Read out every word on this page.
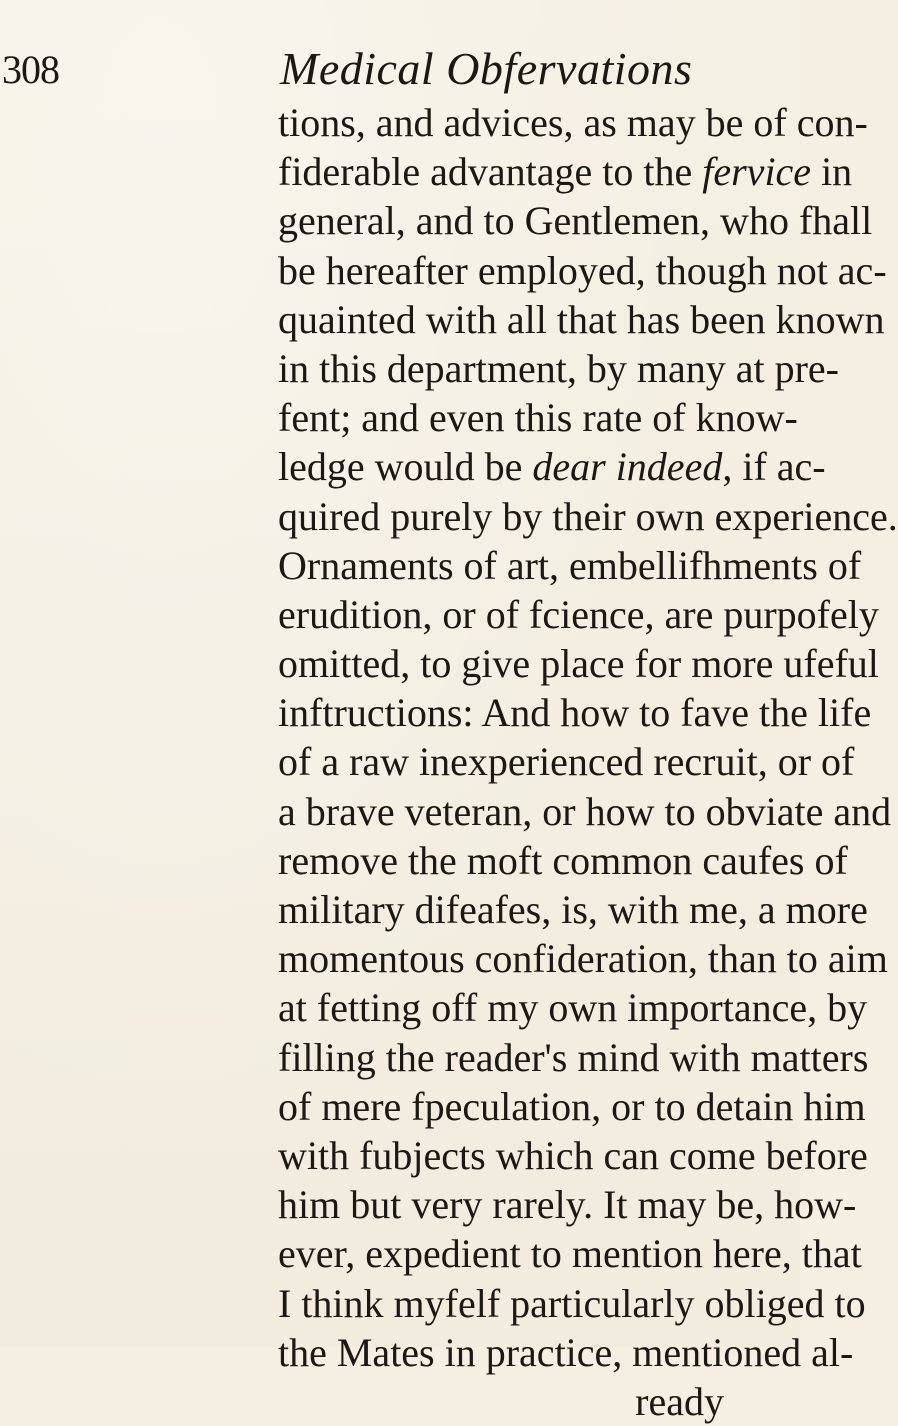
308	Medical Obfervations
tions, and advices, as may be of con-
fiderable advantage to the fervice in
general, and to Gentlemen, who fhall
be hereafter employed, though not ac-
quainted with all that has been known
in this department, by many at pre-
fent; and even this rate of know-
ledge would be dear indeed, if ac-
quired purely by their own experience.
Ornaments of art, embellifhments of
erudition, or of fcience, are purpofely
omitted, to give place for more ufeful
inftructions: And how to fave the life
of a raw inexperienced recruit, or of
a brave veteran, or how to obviate and
remove the moft common caufes of
military difeafes, is, with me, a more
momentous confideration, than to aim
at fetting off my own importance, by
filling the reader's mind with matters
of mere fpeculation, or to detain him
with fubjects which can come before
him but very rarely. It may be, how-
ever, expedient to mention here, that
I think myfelf particularly obliged to
the Mates in practice, mentioned al-
ready
